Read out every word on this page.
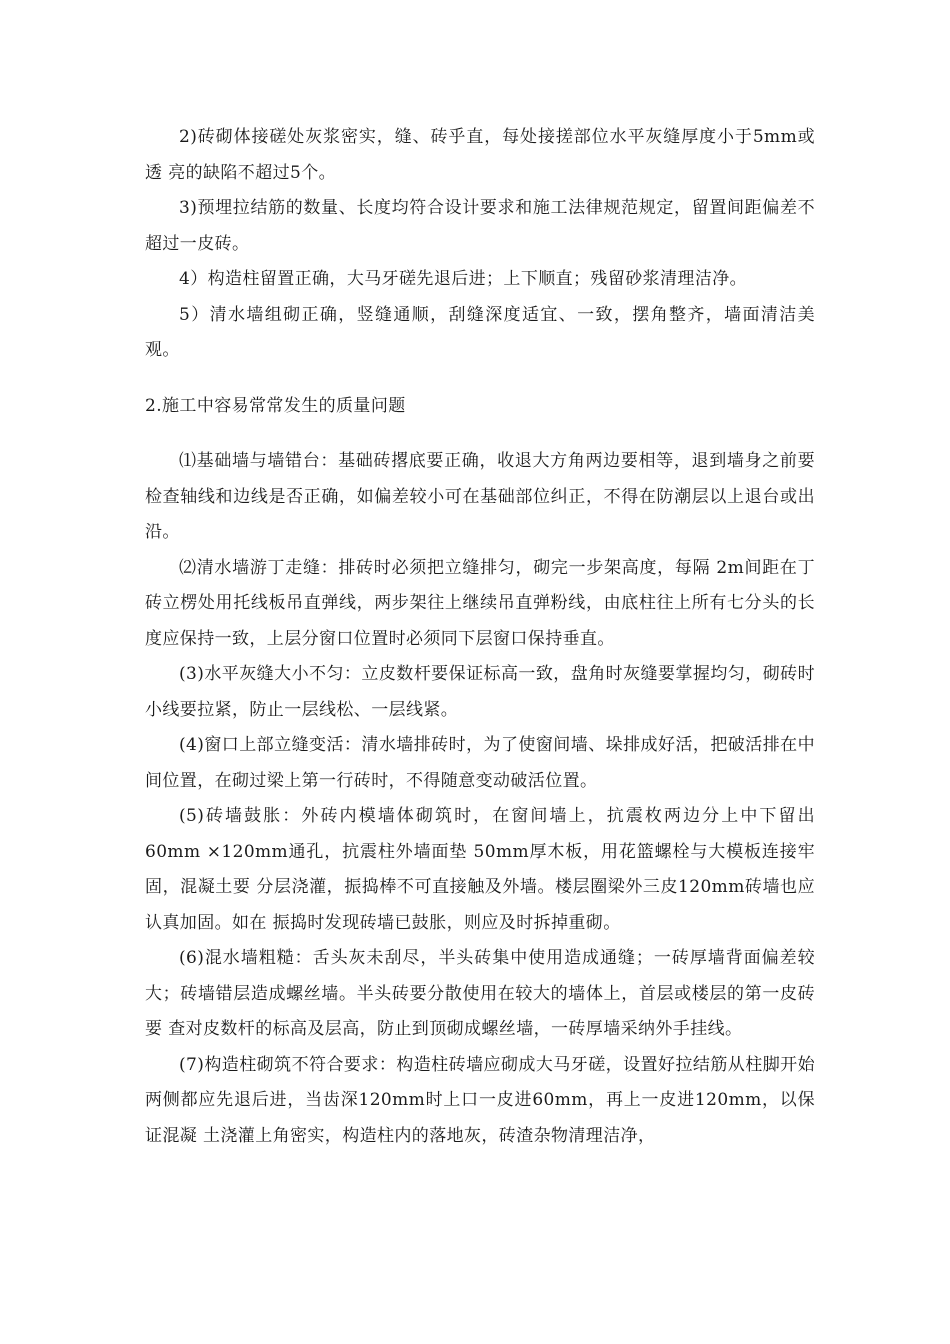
2)砖砌体接磋处灰浆密实，缝、砖乎直，每处接搓部位水平灰缝厚度小于5mm或透 亮的缺陷不超过5个。

3)预埋拉结筋的数量、长度均符合设计要求和施工法律规范规定，留置间距偏差不超过一皮砖。

4）构造柱留置正确，大马牙磋先退后进；上下顺直；残留砂浆清理洁净。

5）清水墙组砌正确，竖缝通顺，刮缝深度适宜、一致，摆角整齐，墙面清洁美观。

2.施工中容易常常发生的质量问题

⑴基础墙与墙错台：基础砖撂底要正确，收退大方角两边要相等，退到墙身之前要检查轴线和边线是否正确，如偏差较小可在基础部位纠正，不得在防潮层以上退台或出沿。

⑵清水墙游丁走缝：排砖时必须把立缝排匀，砌完一步架高度，每隔 2m间距在丁砖立楞处用托线板吊直弹线，两步架往上继续吊直弹粉线，由底柱往上所有七分头的长度应保持一致，上层分窗口位置时必须同下层窗口保持垂直。

(3)水平灰缝大小不匀：立皮数杆要保证标高一致，盘角时灰缝要掌握均匀，砌砖时小线要拉紧，防止一层线松、一层线紧。

(4)窗口上部立缝变活：清水墙排砖时，为了使窗间墙、垛排成好活，把破活排在中 间位置，在砌过梁上第一行砖时，不得随意变动破活位置。

(5)砖墙鼓胀：外砖内模墙体砌筑时，在窗间墙上，抗震枚两边分上中下留出60mm ×120mm通孔，抗震柱外墙面垫 50mm厚木板，用花篮螺栓与大模板连接牢固，混凝土要 分层浇灌，振捣棒不可直接触及外墙。楼层圈梁外三皮120mm砖墙也应认真加固。如在 振捣时发现砖墙已鼓胀，则应及时拆掉重砌。

(6)混水墙粗糙：舌头灰未刮尽，半头砖集中使用造成通缝；一砖厚墙背面偏差较 大；砖墙错层造成螺丝墙。半头砖要分散使用在较大的墙体上，首层或楼层的第一皮砖要 查对皮数杆的标高及层高，防止到顶砌成螺丝墙，一砖厚墙采纳外手挂线。

(7)构造柱砌筑不符合要求：构造柱砖墙应砌成大马牙磋，设置好拉结筋从柱脚开始 两侧都应先退后进，当齿深120mm时上口一皮进60mm，再上一皮进120mm，以保证混凝 土浇灌上角密实，构造柱内的落地灰，砖渣杂物清理洁净，
